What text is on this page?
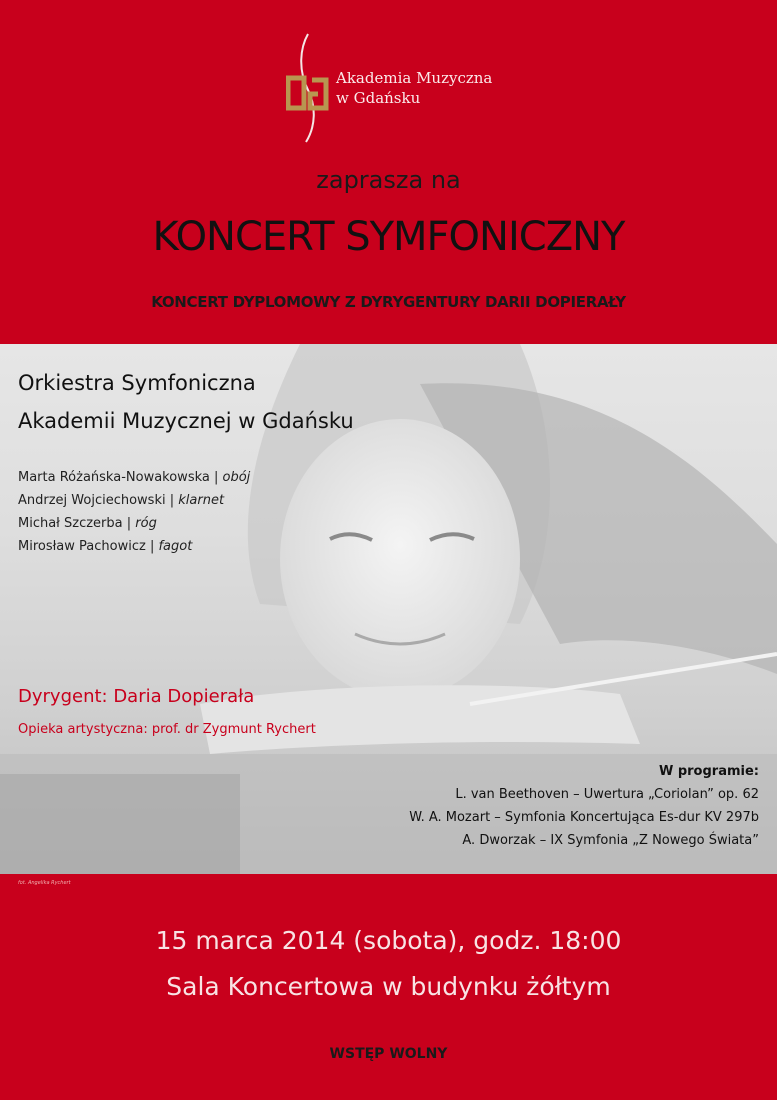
Akademia Muzyczna
w Gdańsku
zaprasza na
KONCERT SYMFONICZNY
KONCERT DYPLOMOWY Z DYRYGENTURY DARII DOPIERAŁY
Orkiestra Symfoniczna
Akademii Muzycznej w Gdańsku
Marta Różańska-Nowakowska | obój
Andrzej Wojciechowski | klarnet
Michał Szczerba | róg
Mirosław Pachowicz | fagot
Dyrygent: Daria Dopierała
Opieka artystyczna: prof. dr Zygmunt Rychert
W programie:
L. van Beethoven – Uwertura „Coriolan” op. 62
W. A. Mozart – Symfonia Koncertująca Es-dur KV 297b
A. Dworzak – IX Symfonia „Z Nowego Świata”
fot. Angelika Rychert
15 marca 2014 (sobota), godz. 18:00
Sala Koncertowa w budynku żółtym
WSTĘP WOLNY
